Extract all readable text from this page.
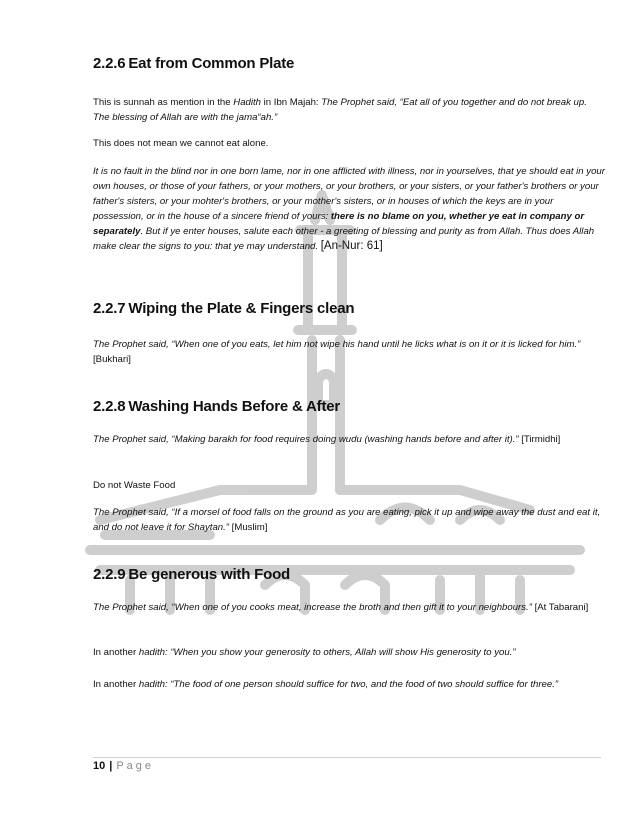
2.2.6 Eat from Common Plate

This is sunnah as mention in the Hadith in Ibn Majah: The Prophet said, “Eat all of you together and do not break up. The blessing of Allah are with the jama“ah.”

This does not mean we cannot eat alone.

It is no fault in the blind nor in one born lame, nor in one afflicted with illness, nor in yourselves, that ye should eat in your own houses, or those of your fathers, or your mothers, or your brothers, or your sisters, or your father's brothers or your father's sisters, or your mohter's brothers, or your mother's sisters, or in houses of which the keys are in your possession, or in the house of a sincere friend of yours: there is no blame on you, whether ye eat in company or separately. But if ye enter houses, salute each other - a greeting of blessing and purity as from Allah. Thus does Allah make clear the signs to you: that ye may understand. [An-Nur: 61]

2.2.7 Wiping the Plate & Fingers clean

The Prophet said, “When one of you eats, let him not wipe his hand until he licks what is on it or it is licked for him.” [Bukhari]

2.2.8 Washing Hands Before & After

The Prophet said, “Making barakh for food requires doing wudu (washing hands before and after it).” [Tirmidhi]

Do not Waste Food

The Prophet said, “If a morsel of food falls on the ground as you are eating, pick it up and wipe away the dust and eat it, and do not leave it for Shaytan.” [Muslim]

2.2.9 Be generous with Food

The Prophet said, “When one of you cooks meat, increase the broth and then gift it to your neighbours.” [At Tabarani]

In another hadith: “When you show your generosity to others, Allah will show His generosity to you.”

In another hadith: “The food of one person should suffice for two, and the food of two should suffice for three.”

10 | Page
